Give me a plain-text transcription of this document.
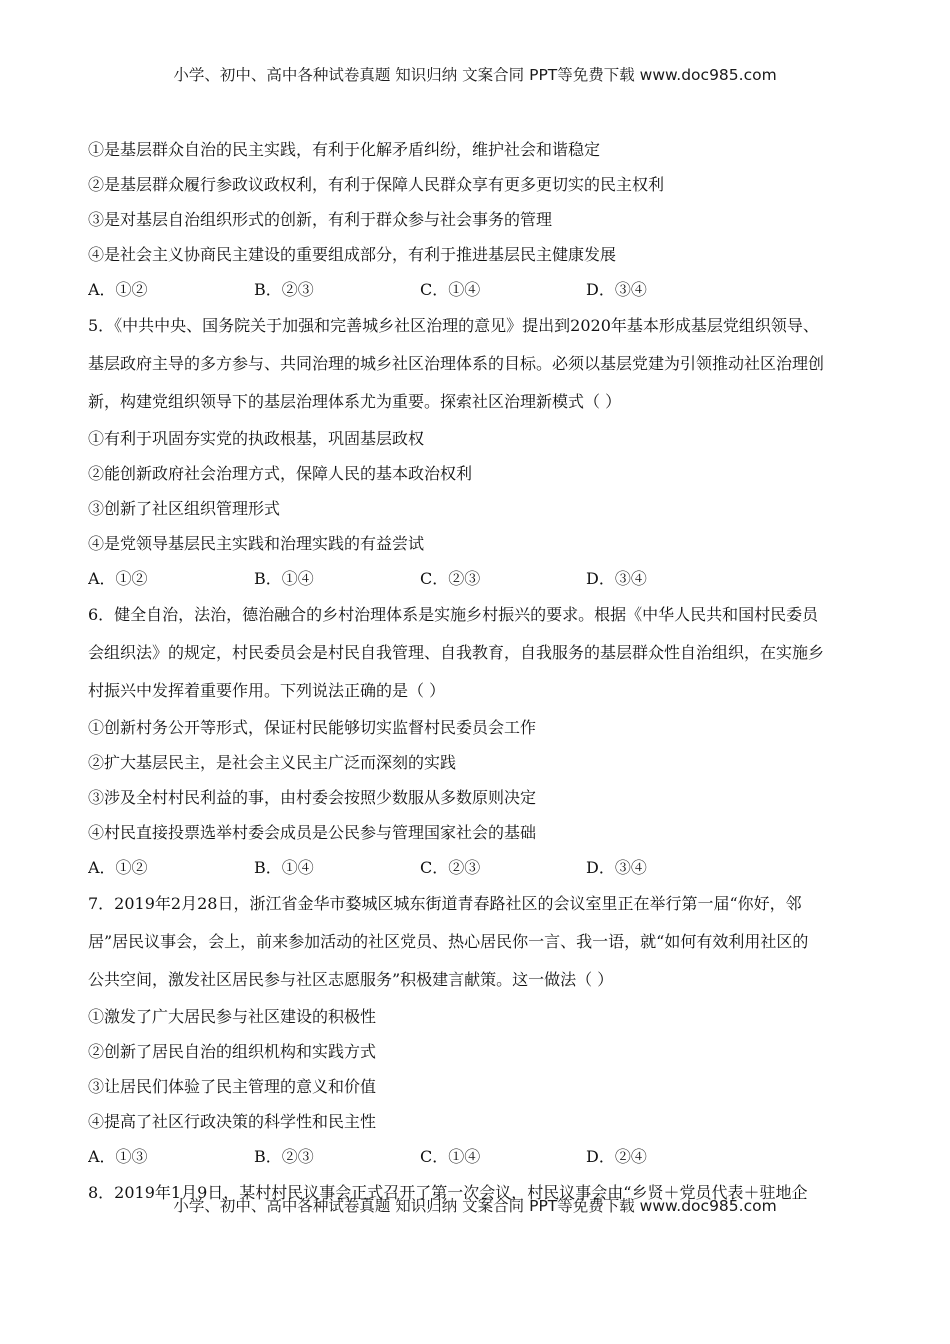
小学、初中、高中各种试卷真题 知识归纳 文案合同 PPT等免费下载 www.doc985.com
①是基层群众自治的民主实践，有利于化解矛盾纠纷，维护社会和谐稳定
②是基层群众履行参政议政权利，有利于保障人民群众享有更多更切实的民主权利
③是对基层自治组织形式的创新，有利于群众参与社会事务的管理
④是社会主义协商民主建设的重要组成部分，有利于推进基层民主健康发展
A．①②	B．②③	C．①④	D．③④
5．《中共中央、国务院关于加强和完善城乡社区治理的意见》提出到2020年基本形成基层党组织领导、
基层政府主导的多方参与、共同治理的城乡社区治理体系的目标。必须以基层党建为引领推动社区治理创
新，构建党组织领导下的基层治理体系尤为重要。探索社区治理新模式（ ）
①有利于巩固夯实党的执政根基，巩固基层政权
②能创新政府社会治理方式，保障人民的基本政治权利
③创新了社区组织管理形式
④是党领导基层民主实践和治理实践的有益尝试
A．①②	B．①④	C．②③	D．③④
6．健全自治，法治，德治融合的乡村治理体系是实施乡村振兴的要求。根据《中华人民共和国村民委员
会组织法》的规定，村民委员会是村民自我管理、自我教育，自我服务的基层群众性自治组织，在实施乡
村振兴中发挥着重要作用。下列说法正确的是（ ）
①创新村务公开等形式，保证村民能够切实监督村民委员会工作
②扩大基层民主，是社会主义民主广泛而深刻的实践
③涉及全村村民利益的事，由村委会按照少数服从多数原则决定
④村民直接投票选举村委会成员是公民参与管理国家社会的基础
A．①②	B．①④	C．②③	D．③④
7．2019年2月28日，浙江省金华市婺城区城东街道青春路社区的会议室里正在举行第一届“你好，邻
居”居民议事会，会上，前来参加活动的社区党员、热心居民你一言、我一语，就“如何有效利用社区的
公共空间，激发社区居民参与社区志愿服务”积极建言献策。这一做法（ ）
①激发了广大居民参与社区建设的积极性
②创新了居民自治的组织机构和实践方式
③让居民们体验了民主管理的意义和价值
④提高了社区行政决策的科学性和民主性
A．①③	B．②③	C．①④	D．②④
8．2019年1月9日，某村村民议事会正式召开了第一次会议，村民议事会由“乡贤＋党员代表＋驻地企
小学、初中、高中各种试卷真题 知识归纳 文案合同 PPT等免费下载 www.doc985.com
